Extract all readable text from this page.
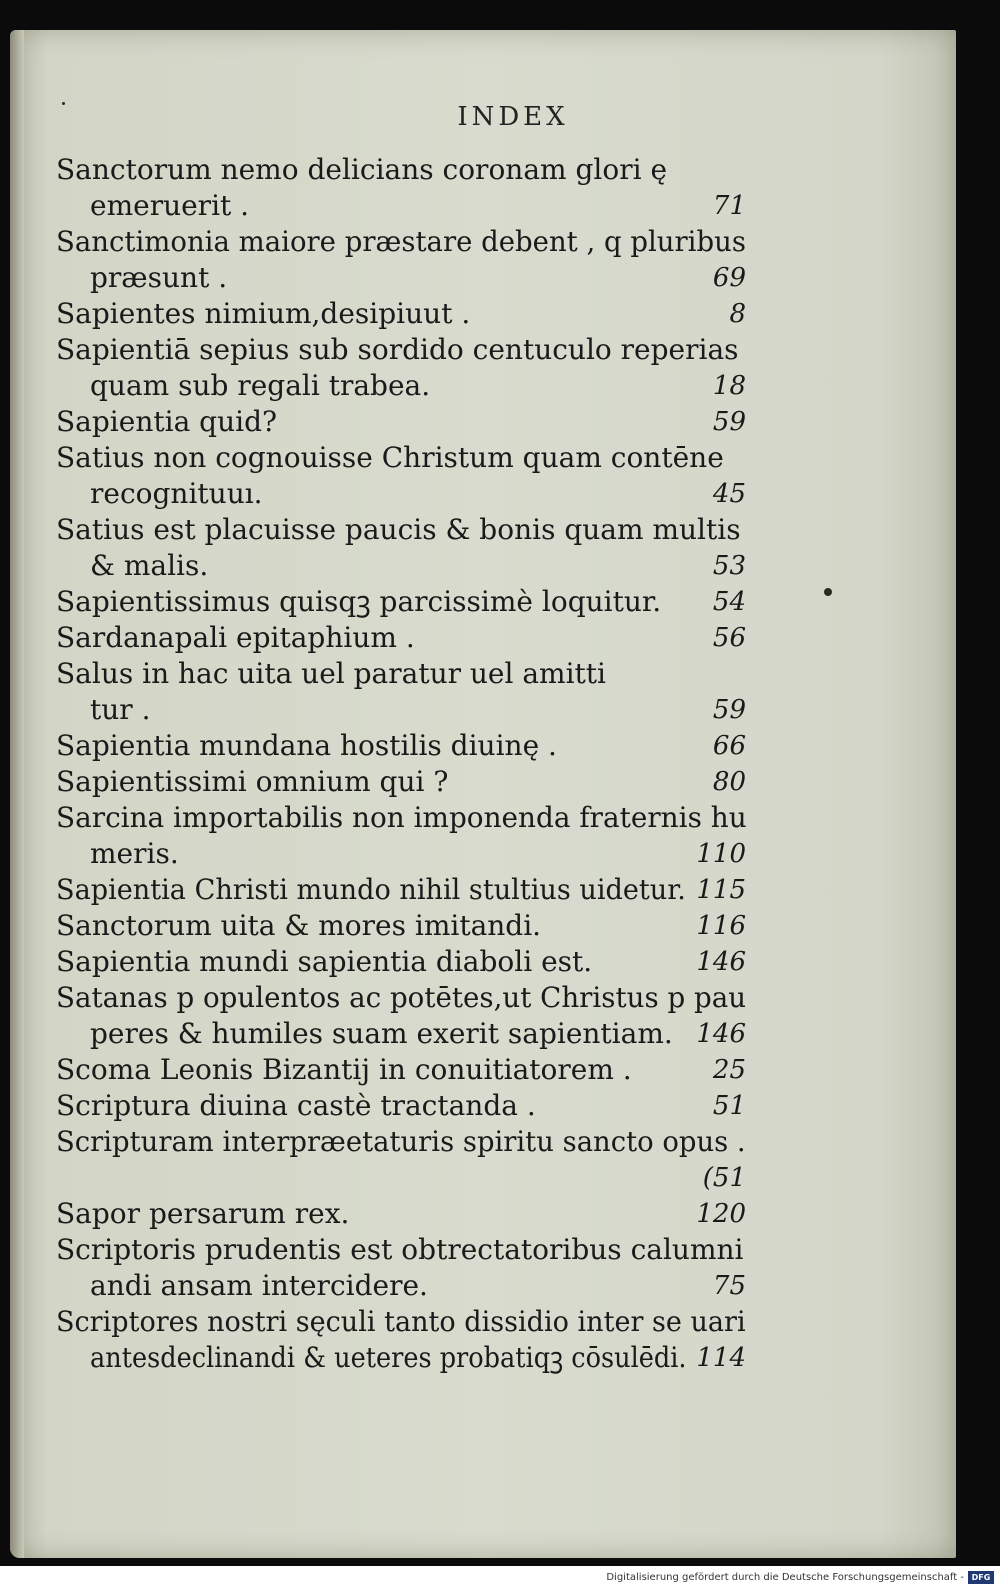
INDEX
Sanctorum nemo delicians coronam glori ę
emeruerit .	71
Sanctimonia maiore præstare debent , q pluribus
præsunt .	69
Sapientes nimium,desipiuut .	8
Sapientiā sepius sub sordido centuculo reperias
quam sub regali trabea.	18
Sapientia quid?	59
Satius non cognouisse Christum quam contēne
recognituuı.	45
Satius est placuisse paucis & bonis quam multis
& malis.	53
Sapientissimus quisqꝫ parcissimè loquitur. 54
Sardanapali epitaphium .	56
Salus in hac uita uel paratur uel amitti
tur .	59
Sapientia mundana hostilis diuinę .	66
Sapientissimi omnium qui ?	80
Sarcina importabilis non imponenda fraternis hu
meris.	110
Sapientia Christi mundo nihil stultius uidetur. 115
Sanctorum uita & mores imitandi.	116
Sapientia mundi sapientia diaboli est.	146
Satanas p opulentos ac potētes,ut Christus p pau
peres & humiles suam exerit sapientiam. 146
Scoma Leonis Bizantij in conuitiatorem .	25
Scriptura diuina castè tractanda .	51
Scripturam interpræetaturis spiritu sancto opus .
(51
Sapor persarum rex.	120
Scriptoris prudentis est obtrectatoribus calumni
andi ansam intercidere.	75
Scriptores nostri sęculi tanto dissidio inter se uari
antesdeclinandi & ueteres probatiqꝫ cōsulēdi. 114
Digitalisierung gefördert durch die Deutsche Forschungsgemeinschaft - DFG
